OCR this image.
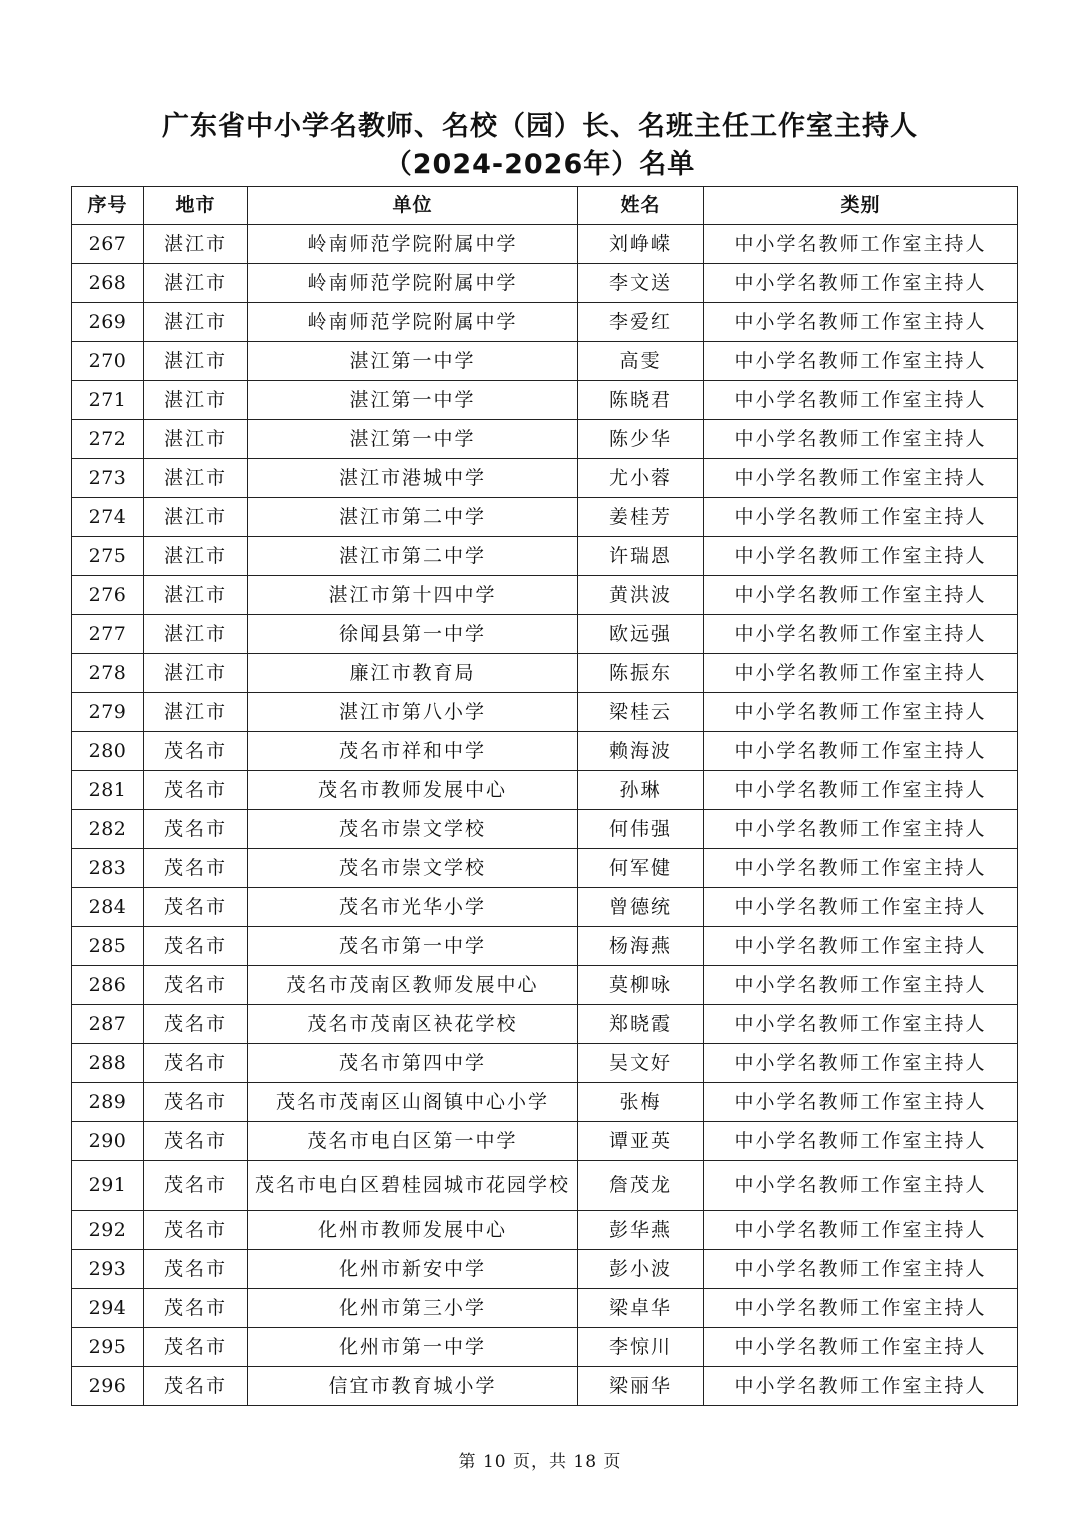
广东省中小学名教师、名校（园）长、名班主任工作室主持人
（2024-2026年）名单
序号	地市	单位	姓名	类别
267	湛江市	岭南师范学院附属中学	刘峥嵘	中小学名教师工作室主持人
268	湛江市	岭南师范学院附属中学	李文送	中小学名教师工作室主持人
269	湛江市	岭南师范学院附属中学	李爱红	中小学名教师工作室主持人
270	湛江市	湛江第一中学	高雯	中小学名教师工作室主持人
271	湛江市	湛江第一中学	陈晓君	中小学名教师工作室主持人
272	湛江市	湛江第一中学	陈少华	中小学名教师工作室主持人
273	湛江市	湛江市港城中学	尤小蓉	中小学名教师工作室主持人
274	湛江市	湛江市第二中学	姜桂芳	中小学名教师工作室主持人
275	湛江市	湛江市第二中学	许瑞恩	中小学名教师工作室主持人
276	湛江市	湛江市第十四中学	黄洪波	中小学名教师工作室主持人
277	湛江市	徐闻县第一中学	欧远强	中小学名教师工作室主持人
278	湛江市	廉江市教育局	陈振东	中小学名教师工作室主持人
279	湛江市	湛江市第八小学	梁桂云	中小学名教师工作室主持人
280	茂名市	茂名市祥和中学	赖海波	中小学名教师工作室主持人
281	茂名市	茂名市教师发展中心	孙琳	中小学名教师工作室主持人
282	茂名市	茂名市崇文学校	何伟强	中小学名教师工作室主持人
283	茂名市	茂名市崇文学校	何军健	中小学名教师工作室主持人
284	茂名市	茂名市光华小学	曾德统	中小学名教师工作室主持人
285	茂名市	茂名市第一中学	杨海燕	中小学名教师工作室主持人
286	茂名市	茂名市茂南区教师发展中心	莫柳咏	中小学名教师工作室主持人
287	茂名市	茂名市茂南区袂花学校	郑晓霞	中小学名教师工作室主持人
288	茂名市	茂名市第四中学	吴文好	中小学名教师工作室主持人
289	茂名市	茂名市茂南区山阁镇中心小学	张梅	中小学名教师工作室主持人
290	茂名市	茂名市电白区第一中学	谭亚英	中小学名教师工作室主持人
291	茂名市	茂名市电白区碧桂园城市花园学校	詹茂龙	中小学名教师工作室主持人
292	茂名市	化州市教师发展中心	彭华燕	中小学名教师工作室主持人
293	茂名市	化州市新安中学	彭小波	中小学名教师工作室主持人
294	茂名市	化州市第三小学	梁卓华	中小学名教师工作室主持人
295	茂名市	化州市第一中学	李惊川	中小学名教师工作室主持人
296	茂名市	信宜市教育城小学	梁丽华	中小学名教师工作室主持人
第 10 页，共 18 页
